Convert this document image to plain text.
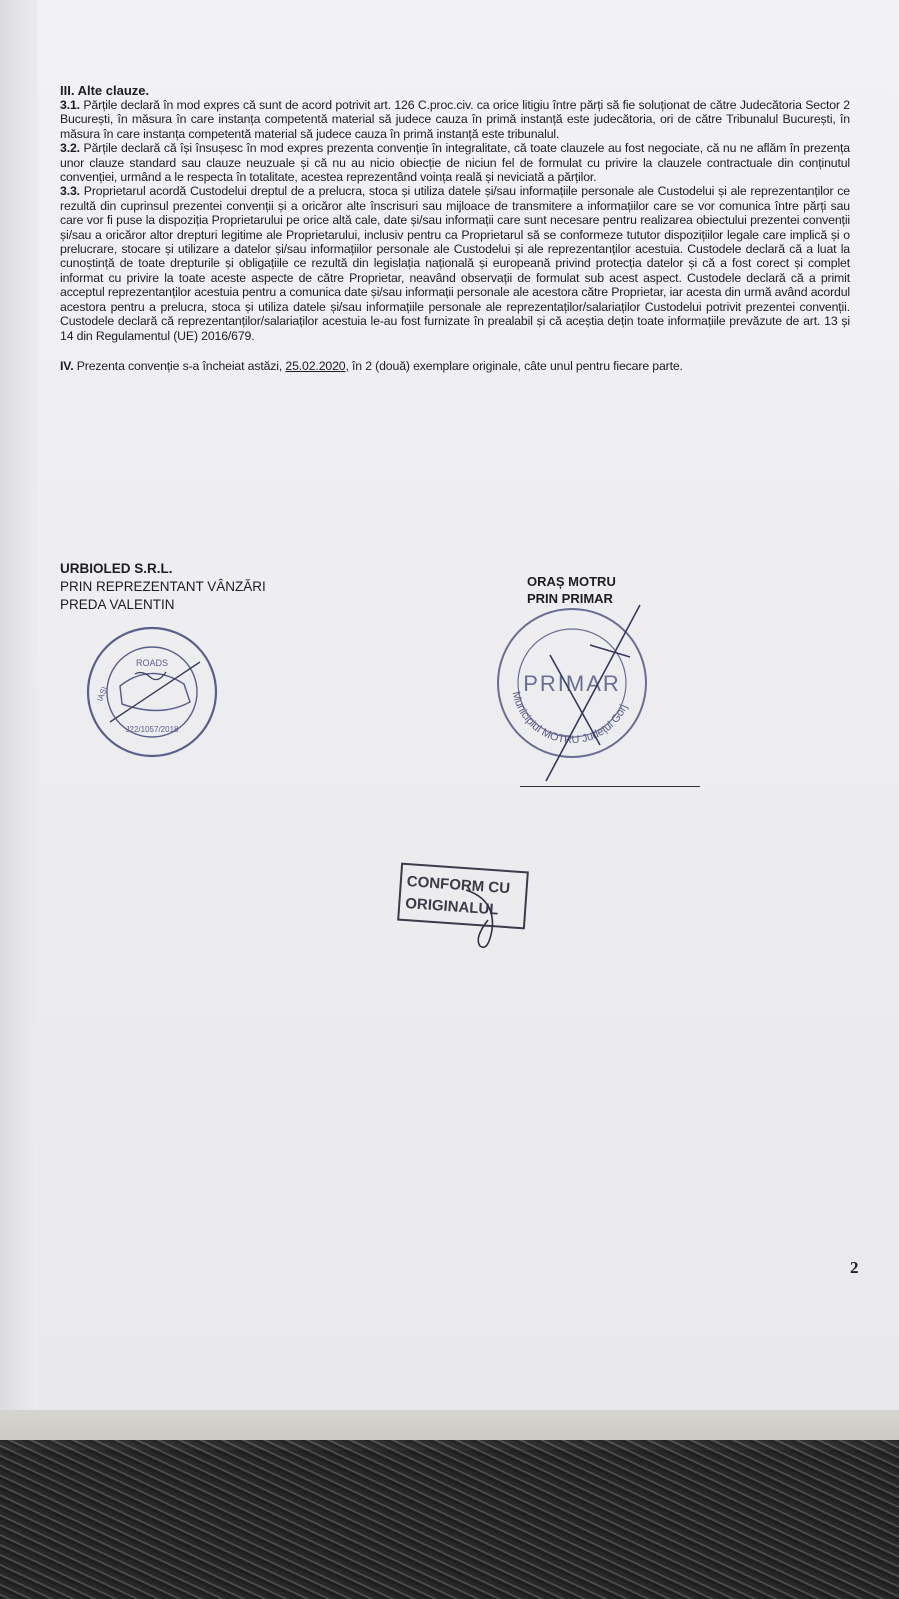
III. Alte clauze.

3.1. Părțile declară în mod expres că sunt de acord potrivit art. 126 C.proc.civ. ca orice litigiu între părți să fie soluționat de către Judecătoria Sector 2 București, în măsura în care instanța competentă material să judece cauza în primă instanță este judecătoria, ori de către Tribunalul București, în măsura în care instanța competentă material să judece cauza în primă instanță este tribunalul.

3.2. Părțile declară că își însușesc în mod expres prezenta convenție în integralitate, că toate clauzele au fost negociate, că nu ne aflăm în prezența unor clauze standard sau clauze neuzuale și că nu au nicio obiecție de niciun fel de formulat cu privire la clauzele contractuale din conținutul convenției, urmând a le respecta în totalitate, acestea reprezentând voința reală și neviciată a părților.

3.3. Proprietarul acordă Custodelui dreptul de a prelucra, stoca și utiliza datele și/sau informațiile personale ale Custodelui și ale reprezentanților ce rezultă din cuprinsul prezentei convenții și a oricăror alte înscrisuri sau mijloace de transmitere a informațiilor care se vor comunica între părți sau care vor fi puse la dispoziția Proprietarului pe orice altă cale, date și/sau informații care sunt necesare pentru realizarea obiectului prezentei convenții și/sau a oricăror altor drepturi legitime ale Proprietarului, inclusiv pentru ca Proprietarul să se conformeze tututor dispozițiilor legale care implică și o prelucrare, stocare și utilizare a datelor și/sau informațiilor personale ale Custodelui și ale reprezentanților acestuia. Custodele declară că a luat la cunoștință de toate drepturile și obligațiile ce rezultă din legislația națională și europeană privind protecția datelor și că a fost corect și complet informat cu privire la toate aceste aspecte de către Proprietar, neavând observații de formulat sub acest aspect. Custodele declară că a primit acceptul reprezentanților acestuia pentru a comunica date și/sau informații personale ale acestora către Proprietar, iar acesta din urmă având acordul acestora pentru a prelucra, stoca și utiliza datele și/sau informațiile personale ale reprezentaților/salariaților Custodelui potrivit prezentei convenții. Custodele declară că reprezentanților/salariaților acestuia le-au fost furnizate în prealabil și că aceștia dețin toate informațiile prevăzute de art. 13 și 14 din Regulamentul (UE) 2016/679.

IV. Prezenta convenție s-a încheiat astăzi, 25.02.2020, în 2 (două) exemplare originale, câte unul pentru fiecare parte.

URBIOLED S.R.L.
PRIN REPREZENTANT VÂNZĂRI
PREDA VALENTIN
ROADS
J22/1057/2018
IAȘI
ORAȘ MOTRU
PRIN PRIMAR
PRIMAR
Municipiul MOTRU Județul Gorj
CONFORM CU
ORIGINALUL
2
